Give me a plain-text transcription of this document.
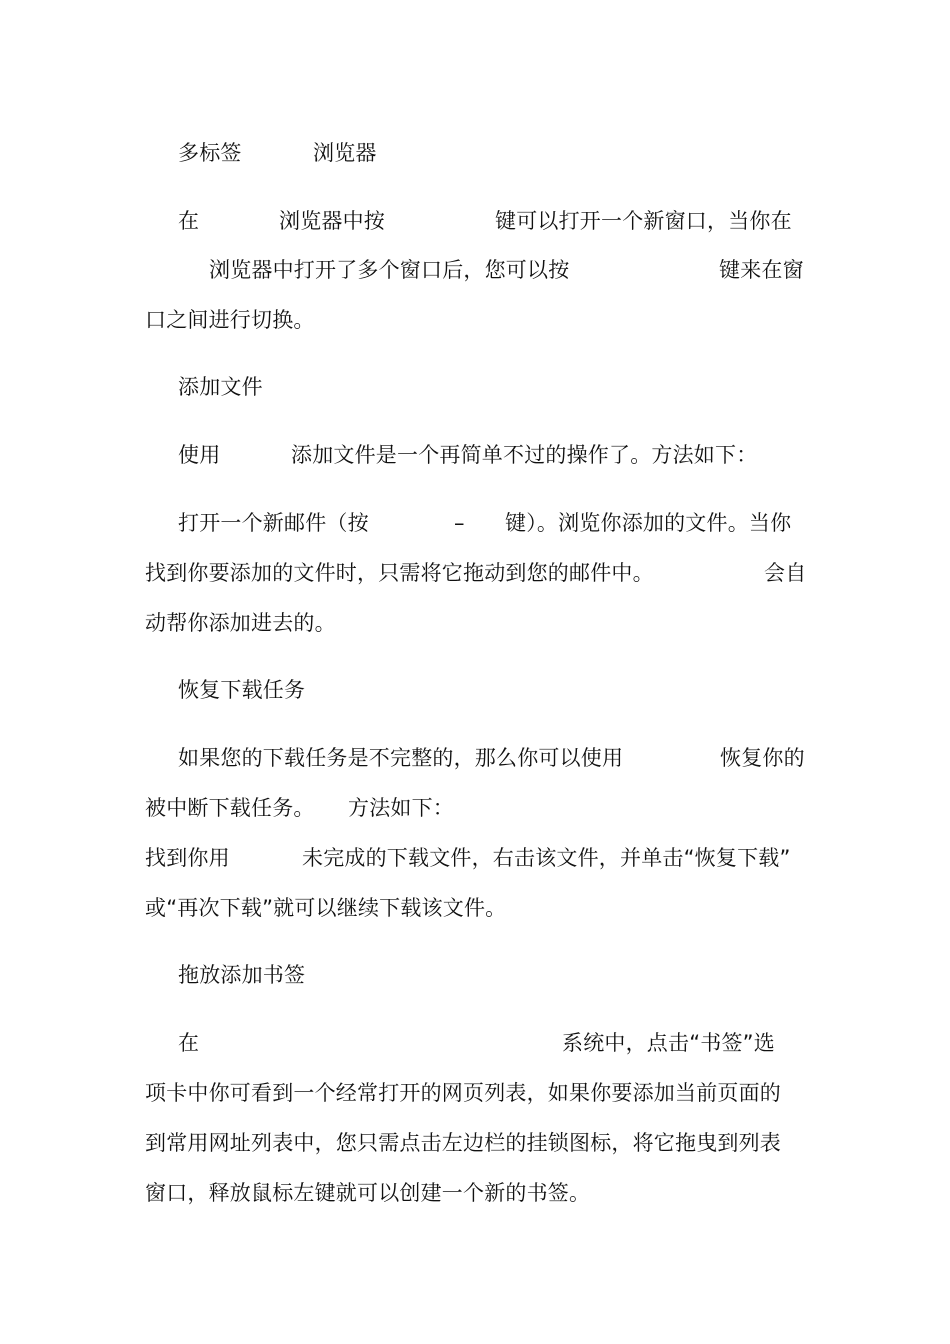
多标签	浏览器
在	浏览器中按	键可以打开一个新窗口，当你在
浏览器中打开了多个窗口后，您可以按	键来在窗
口之间进行切换。
添加文件
使用	添加文件是一个再简单不过的操作了。方法如下：
打开一个新邮件（按	– 键）。浏览你添加的文件。当你
找到你要添加的文件时，只需将它拖动到您的邮件中。	会自
动帮你添加进去的。
恢复下载任务
如果您的下载任务是不完整的，那么你可以使用	恢复你的
被中断下载任务。 方法如下：
找到你用	未完成的下载文件，右击该文件，并单击“恢复下载”
或“再次下载”就可以继续下载该文件。
拖放添加书签
在	系统中，点击“书签”选
项卡中你可看到一个经常打开的网页列表，如果你要添加当前页面的
到常用网址列表中，您只需点击左边栏的挂锁图标，将它拖曳到列表
窗口，释放鼠标左键就可以创建一个新的书签。
